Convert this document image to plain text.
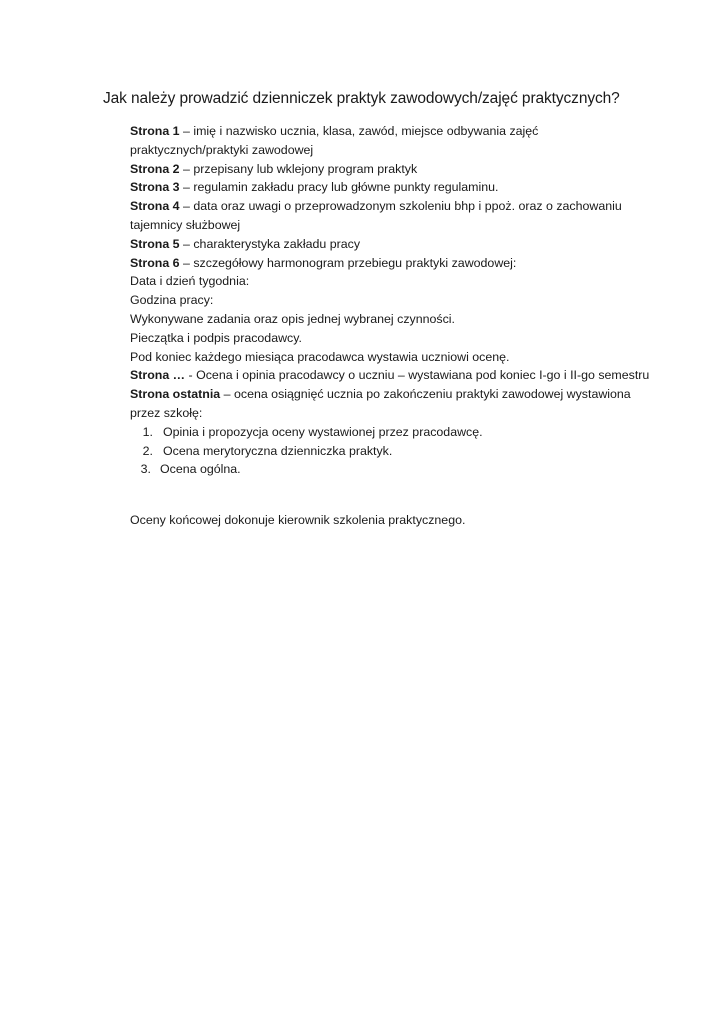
Jak należy prowadzić dzienniczek praktyk zawodowych/zajęć praktycznych?
Strona 1 – imię i nazwisko ucznia, klasa, zawód, miejsce odbywania zajęć
praktycznych/praktyki zawodowej
Strona 2 – przepisany lub wklejony program praktyk
Strona 3 – regulamin zakładu pracy lub główne punkty regulaminu.
Strona 4 – data oraz uwagi o przeprowadzonym szkoleniu bhp i ppoż. oraz o zachowaniu
tajemnicy służbowej
Strona 5 – charakterystyka zakładu pracy
Strona 6 – szczegółowy harmonogram przebiegu praktyki zawodowej:
Data i dzień tygodnia:
Godzina pracy:
Wykonywane zadania oraz opis jednej wybranej czynności.
Pieczątka i podpis pracodawcy.
Pod koniec każdego miesiąca pracodawca wystawia uczniowi ocenę.
Strona … - Ocena i opinia pracodawcy o uczniu – wystawiana pod koniec I-go i II-go semestru
Strona ostatnia – ocena osiągnięć ucznia po zakończeniu praktyki zawodowej wystawiona
przez szkołę:
1. Opinia i propozycja oceny wystawionej przez pracodawcę.
2. Ocena merytoryczna dzienniczka praktyk.
3. Ocena ogólna.
Oceny końcowej dokonuje kierownik szkolenia praktycznego.
